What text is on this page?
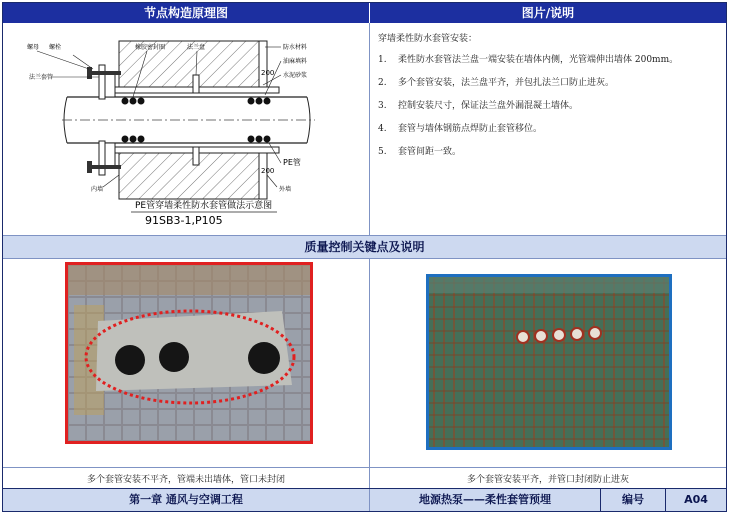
节点构造原理图	图片/说明
螺母 螺栓
法兰套管
橡胶密封圈	法兰盘	防水材料
油麻填料
水泥砂浆
200
200
PE管
内墙	外墙
PE管穿墙柔性防水套管做法示意图
91SB3-1,P105

穿墙柔性防水套管安装：

1.	柔性防水套管法兰盘一端安装在墙体内侧，光管端伸出墙体 200mm。
2.	多个套管安装，法兰盘平齐，并包扎法兰口防止进灰。
3.	控制安装尺寸，保证法兰盘外漏混凝土墙体。
4.	套管与墙体钢筋点焊防止套管移位。
5.	套管间距一致。
质量控制关键点及说明
多个套管安装不平齐，管端未出墙体，管口未封闭	多个套管安装平齐，并管口封闭防止进灰
第一章 通风与空调工程	地源热泵——柔性套管预埋	编号	A04
